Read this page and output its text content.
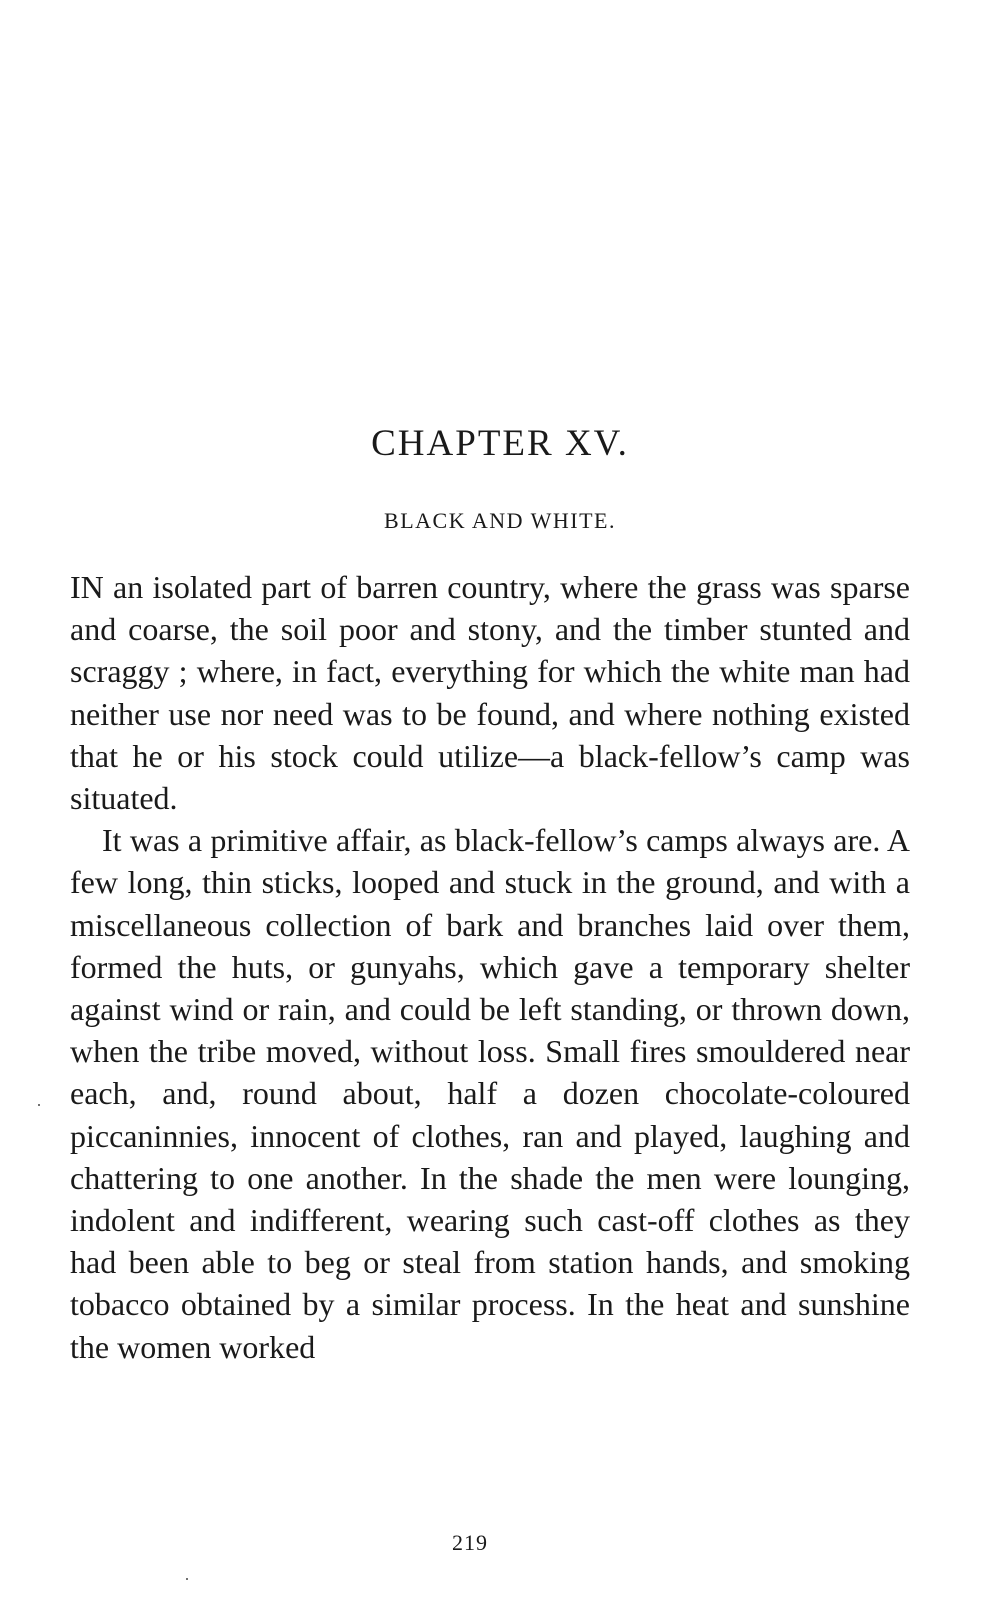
CHAPTER XV.
BLACK AND WHITE.

IN an isolated part of barren country, where the grass was sparse and coarse, the soil poor and stony, and the timber stunted and scraggy ; where, in fact, everything for which the white man had neither use nor need was to be found, and where nothing existed that he or his stock could utilize—a black-fellow’s camp was situated.

It was a primitive affair, as black-fellow’s camps always are. A few long, thin sticks, looped and stuck in the ground, and with a miscellaneous collection of bark and branches laid over them, formed the huts, or gunyahs, which gave a temporary shelter against wind or rain, and could be left standing, or thrown down, when the tribe moved, without loss. Small fires smouldered near each, and, round about, half a dozen chocolate-coloured piccaninnies, innocent of clothes, ran and played, laughing and chattering to one another. In the shade the men were lounging, indolent and indifferent, wearing such cast-off clothes as they had been able to beg or steal from station hands, and smoking tobacco obtained by a similar process. In the heat and sunshine the women worked

219
